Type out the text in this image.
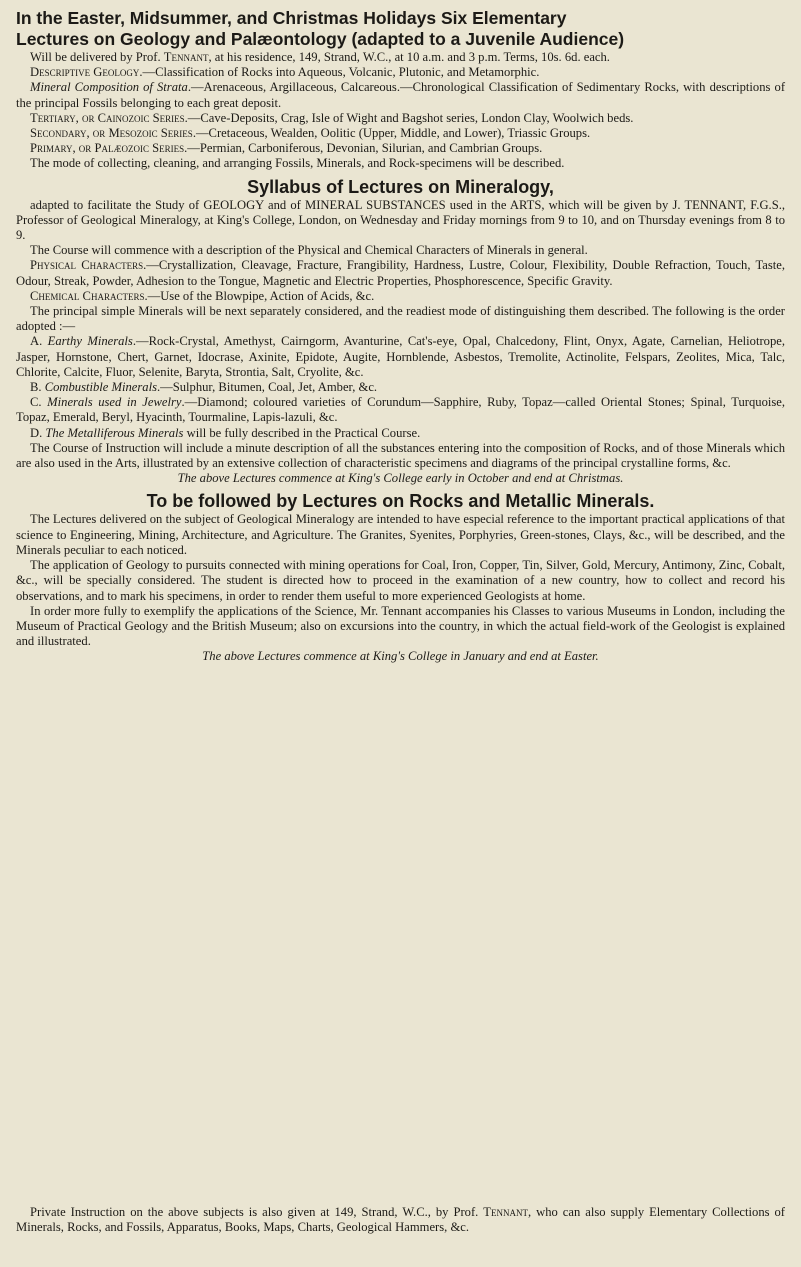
In the Easter, Midsummer, and Christmas Holidays Six Elementary

Lectures on Geology and Palæontology (adapted to a Juvenile Audience)

Will be delivered by Prof. Tennant, at his residence, 149, Strand, W.C., at 10 a.m. and 3 p.m. Terms, 10s. 6d. each.

Descriptive Geology.—Classification of Rocks into Aqueous, Volcanic, Plutonic, and Metamorphic.

Mineral Composition of Strata.—Arenaceous, Argillaceous, Calcareous.—Chronological Classification of Sedimentary Rocks, with descriptions of the principal Fossils belonging to each great deposit.

Tertiary, or Cainozoic Series.—Cave-Deposits, Crag, Isle of Wight and Bagshot series, London Clay, Woolwich beds.

Secondary, or Mesozoic Series.—Cretaceous, Wealden, Oolitic (Upper, Middle, and Lower), Triassic Groups.

Primary, or Palæozoic Series.—Permian, Carboniferous, Devonian, Silurian, and Cambrian Groups.

The mode of collecting, cleaning, and arranging Fossils, Minerals, and Rock-specimens will be described.

Syllabus of Lectures on Mineralogy,

adapted to facilitate the Study of GEOLOGY and of MINERAL SUBSTANCES used in the ARTS, which will be given by J. TENNANT, F.G.S., Professor of Geological Mineralogy, at King's College, London, on Wednesday and Friday mornings from 9 to 10, and on Thursday evenings from 8 to 9.

The Course will commence with a description of the Physical and Chemical Characters of Minerals in general.

Physical Characters.—Crystallization, Cleavage, Fracture, Frangibility, Hardness, Lustre, Colour, Flexibility, Double Refraction, Touch, Taste, Odour, Streak, Powder, Adhesion to the Tongue, Magnetic and Electric Properties, Phosphorescence, Specific Gravity.

Chemical Characters.—Use of the Blowpipe, Action of Acids, &c.

The principal simple Minerals will be next separately considered, and the readiest mode of distinguishing them described. The following is the order adopted :—

A. Earthy Minerals.—Rock-Crystal, Amethyst, Cairngorm, Avanturine, Cat's-eye, Opal, Chalcedony, Flint, Onyx, Agate, Carnelian, Heliotrope, Jasper, Hornstone, Chert, Garnet, Idocrase, Axinite, Epidote, Augite, Hornblende, Asbestos, Tremolite, Actinolite, Felspars, Zeolites, Mica, Talc, Chlorite, Calcite, Fluor, Selenite, Baryta, Strontia, Salt, Cryolite, &c.

B. Combustible Minerals.—Sulphur, Bitumen, Coal, Jet, Amber, &c.

C. Minerals used in Jewelry.—Diamond; coloured varieties of Corundum—Sapphire, Ruby, Topaz—called Oriental Stones; Spinal, Turquoise, Topaz, Emerald, Beryl, Hyacinth, Tourmaline, Lapis-lazuli, &c.

D. The Metalliferous Minerals will be fully described in the Practical Course.

The Course of Instruction will include a minute description of all the substances entering into the composition of Rocks, and of those Minerals which are also used in the Arts, illustrated by an extensive collection of characteristic specimens and diagrams of the principal crystalline forms, &c.

The above Lectures commence at King's College early in October and end at Christmas.

To be followed by Lectures on Rocks and Metallic Minerals.

The Lectures delivered on the subject of Geological Mineralogy are intended to have especial reference to the important practical applications of that science to Engineering, Mining, Architecture, and Agriculture. The Granites, Syenites, Porphyries, Green-stones, Clays, &c., will be described, and the Minerals peculiar to each noticed.

The application of Geology to pursuits connected with mining operations for Coal, Iron, Copper, Tin, Silver, Gold, Mercury, Antimony, Zinc, Cobalt, &c., will be specially considered. The student is directed how to proceed in the examination of a new country, how to collect and record his observations, and to mark his specimens, in order to render them useful to more experienced Geologists at home.

In order more fully to exemplify the applications of the Science, Mr. Tennant accompanies his Classes to various Museums in London, including the Museum of Practical Geology and the British Museum; also on excursions into the country, in which the actual field-work of the Geologist is explained and illustrated.

The above Lectures commence at King's College in January and end at Easter.

Private Instruction on the above subjects is also given at 149, Strand, W.C., by Prof. Tennant, who can also supply Elementary Collections of Minerals, Rocks, and Fossils, Apparatus, Books, Maps, Charts, Geological Hammers, &c.
